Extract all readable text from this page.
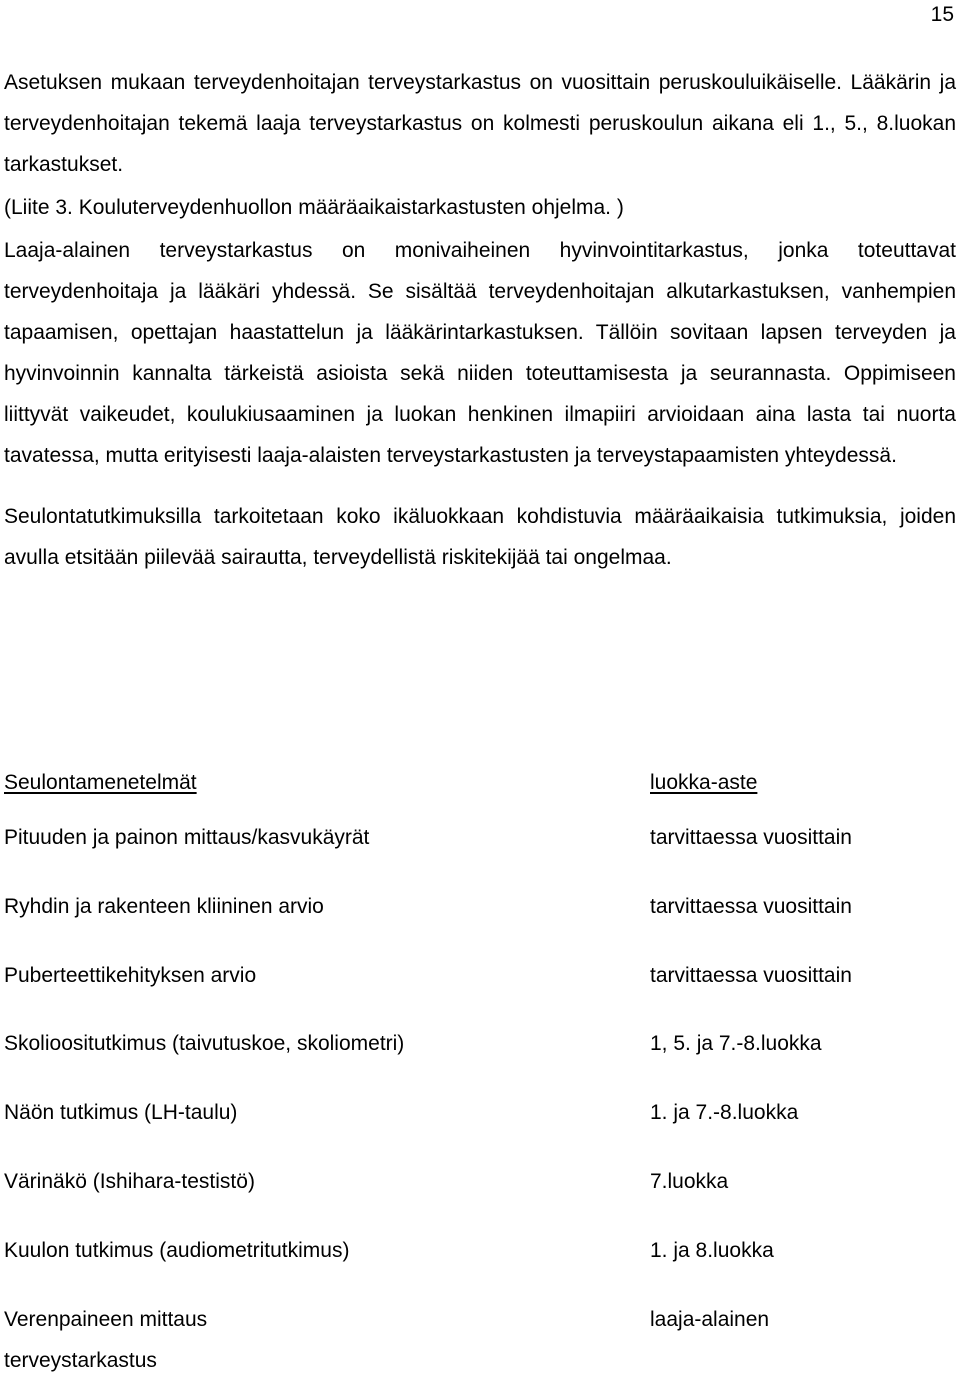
15

Asetuksen mukaan terveydenhoitajan terveystarkastus on vuosittain peruskouluikäiselle. Lääkärin ja terveydenhoitajan tekemä laaja terveystarkastus on kolmesti peruskoulun aikana eli 1., 5., 8.luokan tarkastukset.

(Liite 3. Kouluterveydenhuollon määräaikaistarkastusten ohjelma. )

Laaja-alainen terveystarkastus on monivaiheinen hyvinvointitarkastus, jonka toteuttavat terveydenhoitaja ja lääkäri yhdessä. Se sisältää terveydenhoitajan alkutarkastuksen, vanhempien tapaamisen, opettajan haastattelun ja lääkärintarkastuksen. Tällöin sovitaan lapsen terveyden ja hyvinvoinnin kannalta tärkeistä asioista sekä niiden toteuttamisesta ja seurannasta. Oppimiseen liittyvät vaikeudet, koulukiusaaminen ja luokan henkinen ilmapiiri arvioidaan aina lasta tai nuorta tavatessa, mutta erityisesti laaja-alaisten terveystarkastusten ja terveystapaamisten yhteydessä.

Seulontatutkimuksilla tarkoitetaan koko ikäluokkaan kohdistuvia määräaikaisia tutkimuksia, joiden avulla etsitään piilevää sairautta, terveydellistä riskitekijää tai ongelmaa.

Seulontamenetelmät	luokka-aste
Pituuden ja painon mittaus/kasvukäyrät	tarvittaessa vuosittain
Ryhdin ja rakenteen kliininen arvio	tarvittaessa vuosittain
Puberteettikehityksen arvio	tarvittaessa vuosittain
Skolioositutkimus (taivutuskoe, skoliometri)	1, 5. ja 7.-8.luokka
Näön tutkimus (LH-taulu)	1. ja 7.-8.luokka
Värinäkö (Ishihara-testistö)	7.luokka
Kuulon tutkimus (audiometritutkimus)	1. ja 8.luokka
Verenpaineen mittaus	laaja-alainen
terveystarkastus
